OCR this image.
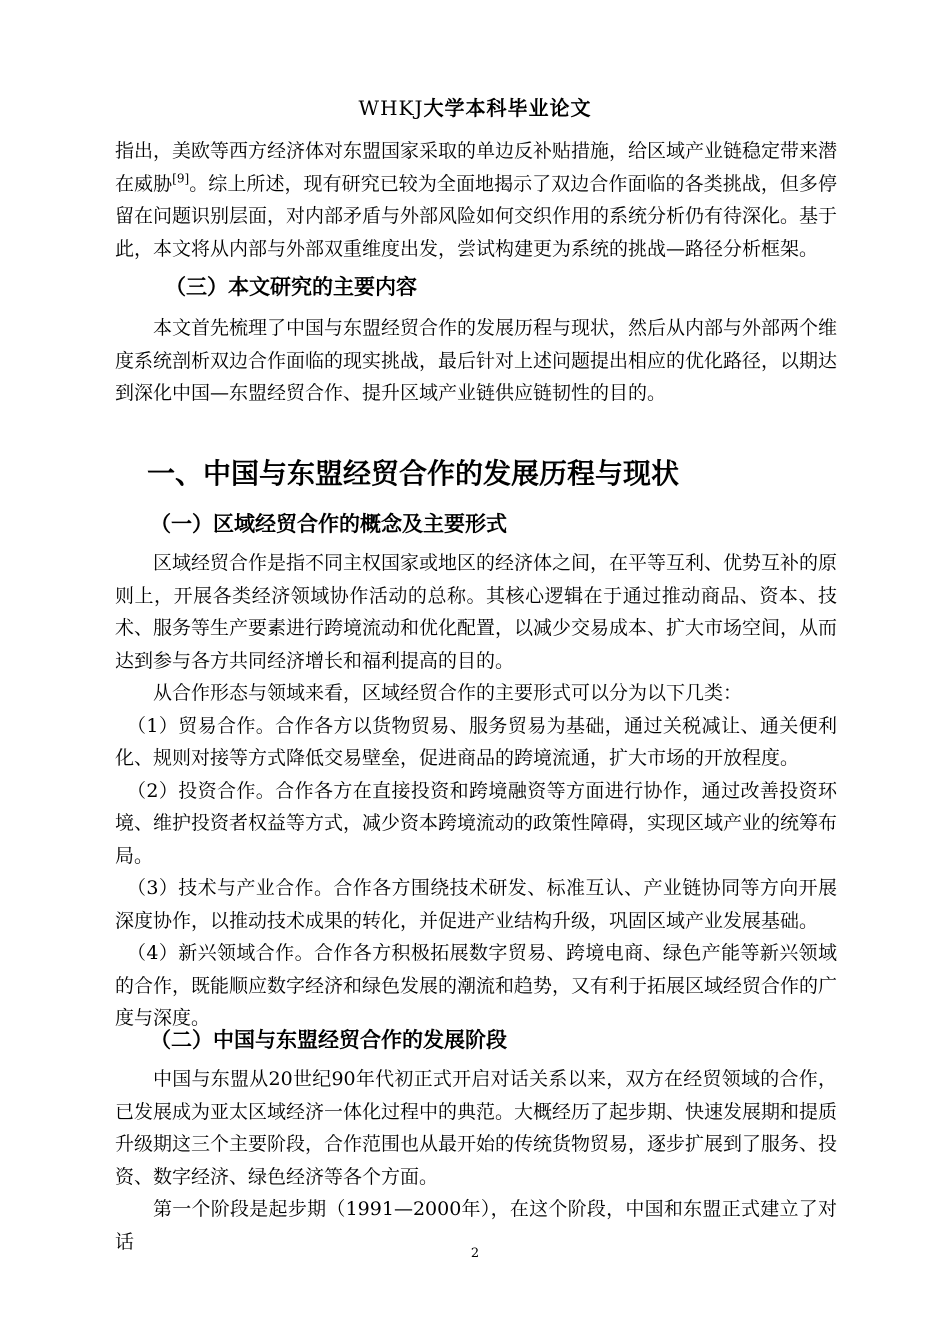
WHKJ大学本科毕业论文

指出，美欧等西方经济体对东盟国家采取的单边反补贴措施，给区域产业链稳定带来潜在威胁[9]。综上所述，现有研究已较为全面地揭示了双边合作面临的各类挑战，但多停留在问题识别层面，对内部矛盾与外部风险如何交织作用的系统分析仍有待深化。基于此，本文将从内部与外部双重维度出发，尝试构建更为系统的挑战—路径分析框架。

（三）本文研究的主要内容

本文首先梳理了中国与东盟经贸合作的发展历程与现状，然后从内部与外部两个维度系统剖析双边合作面临的现实挑战，最后针对上述问题提出相应的优化路径，以期达到深化中国—东盟经贸合作、提升区域产业链供应链韧性的目的。

一、中国与东盟经贸合作的发展历程与现状
（一）区域经贸合作的概念及主要形式

区域经贸合作是指不同主权国家或地区的经济体之间，在平等互利、优势互补的原则上，开展各类经济领域协作活动的总称。其核心逻辑在于通过推动商品、资本、技术、服务等生产要素进行跨境流动和优化配置，以减少交易成本、扩大市场空间，从而达到参与各方共同经济增长和福利提高的目的。

从合作形态与领域来看，区域经贸合作的主要形式可以分为以下几类：

（1）贸易合作。合作各方以货物贸易、服务贸易为基础，通过关税减让、通关便利化、规则对接等方式降低交易壁垒，促进商品的跨境流通，扩大市场的开放程度。

（2）投资合作。合作各方在直接投资和跨境融资等方面进行协作，通过改善投资环境、维护投资者权益等方式，减少资本跨境流动的政策性障碍，实现区域产业的统筹布局。

（3）技术与产业合作。合作各方围绕技术研发、标准互认、产业链协同等方向开展深度协作，以推动技术成果的转化，并促进产业结构升级，巩固区域产业发展基础。

（4）新兴领域合作。合作各方积极拓展数字贸易、跨境电商、绿色产能等新兴领域的合作，既能顺应数字经济和绿色发展的潮流和趋势，又有利于拓展区域经贸合作的广度与深度。

（二）中国与东盟经贸合作的发展阶段

中国与东盟从20世纪90年代初正式开启对话关系以来，双方在经贸领域的合作，已发展成为亚太区域经济一体化过程中的典范。大概经历了起步期、快速发展期和提质升级期这三个主要阶段，合作范围也从最开始的传统货物贸易，逐步扩展到了服务、投资、数字经济、绿色经济等各个方面。

第一个阶段是起步期（1991—2000年），在这个阶段，中国和东盟正式建立了对话

2
